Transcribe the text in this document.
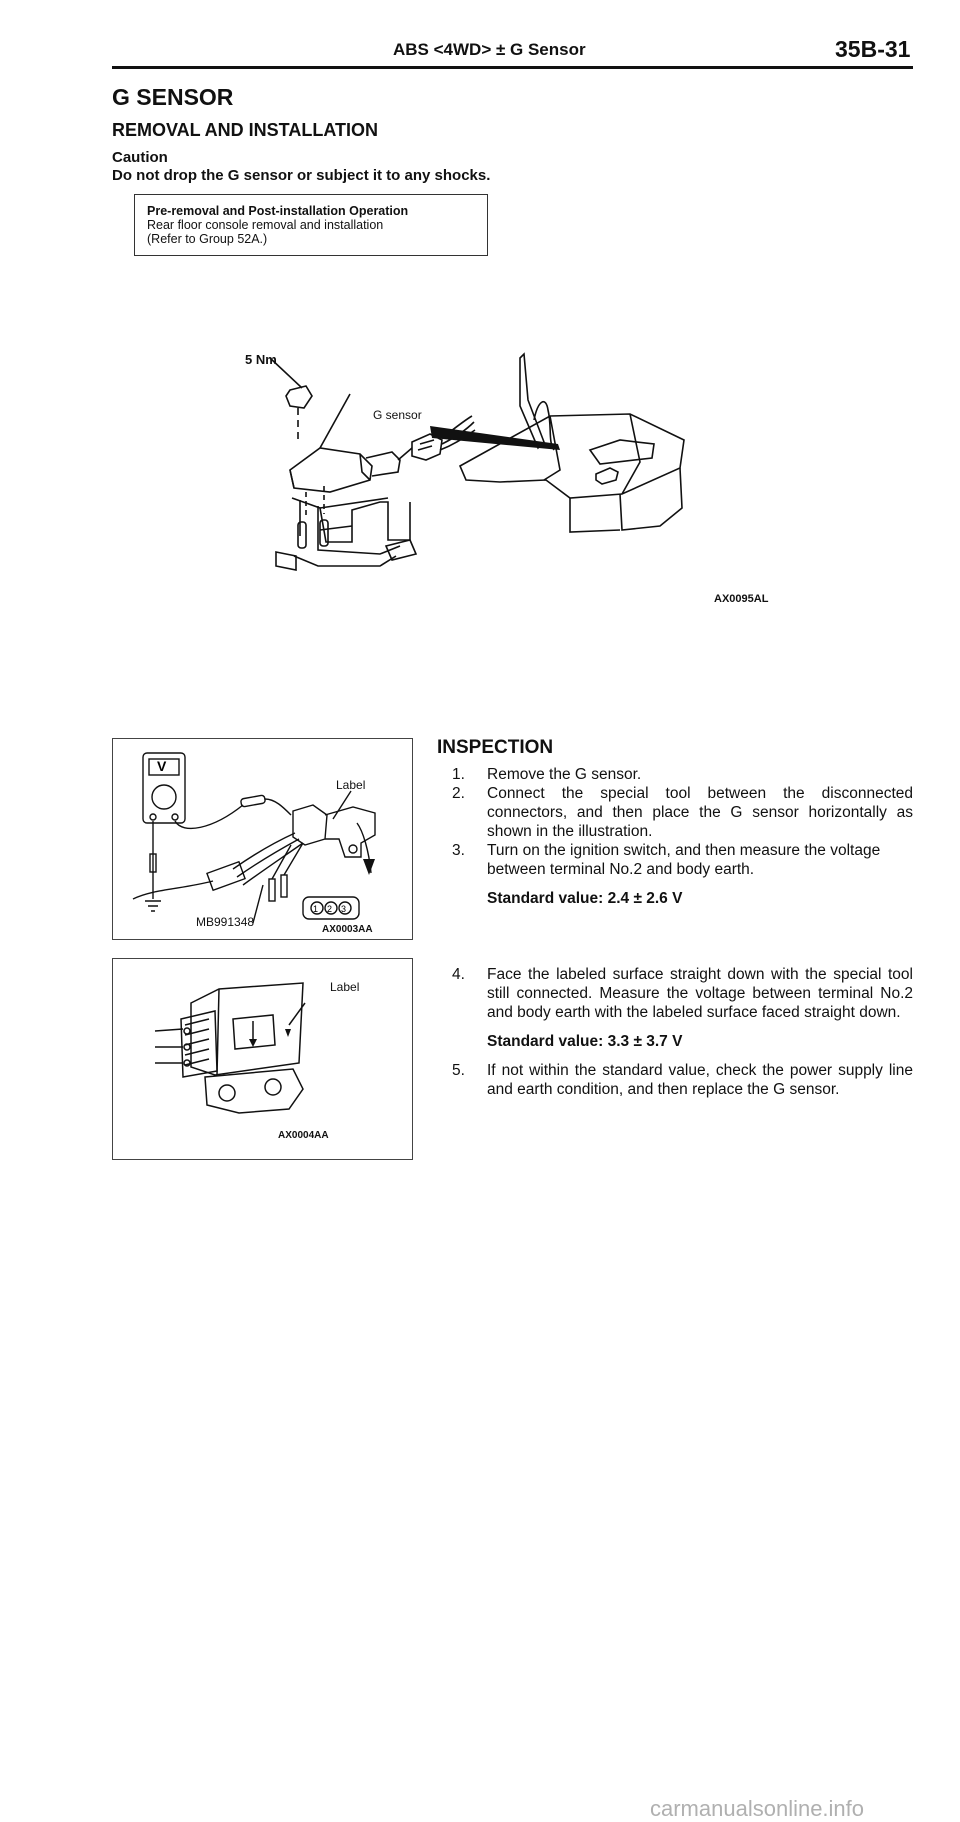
ABS <4WD> ± G Sensor	35B-31
G SENSOR
REMOVAL AND INSTALLATION
Caution
Do not drop the G sensor or subject it to any shocks.
Pre-removal and Post-installation Operation
Rear floor console removal and installation
(Refer to Group 52A.)
5 Nm
G sensor
AX0095AL
V
1 2 3
Label
MB991348
AX0003AA
Label
AX0004AA
INSPECTION
1. Remove the G sensor.
2. Connect the special tool between the disconnected connectors, and then place the G sensor horizontally as shown in the illustration.
3. Turn on the ignition switch, and then measure the voltage between terminal No.2 and body earth.
Standard value: 2.4 ± 2.6 V
4. Face the labeled surface straight down with the special tool still connected. Measure the voltage between terminal No.2 and body earth with the labeled surface faced straight down.
Standard value: 3.3 ± 3.7 V
5. If not within the standard value, check the power supply line and earth condition, and then replace the G sensor.
carmanualsonline.info
